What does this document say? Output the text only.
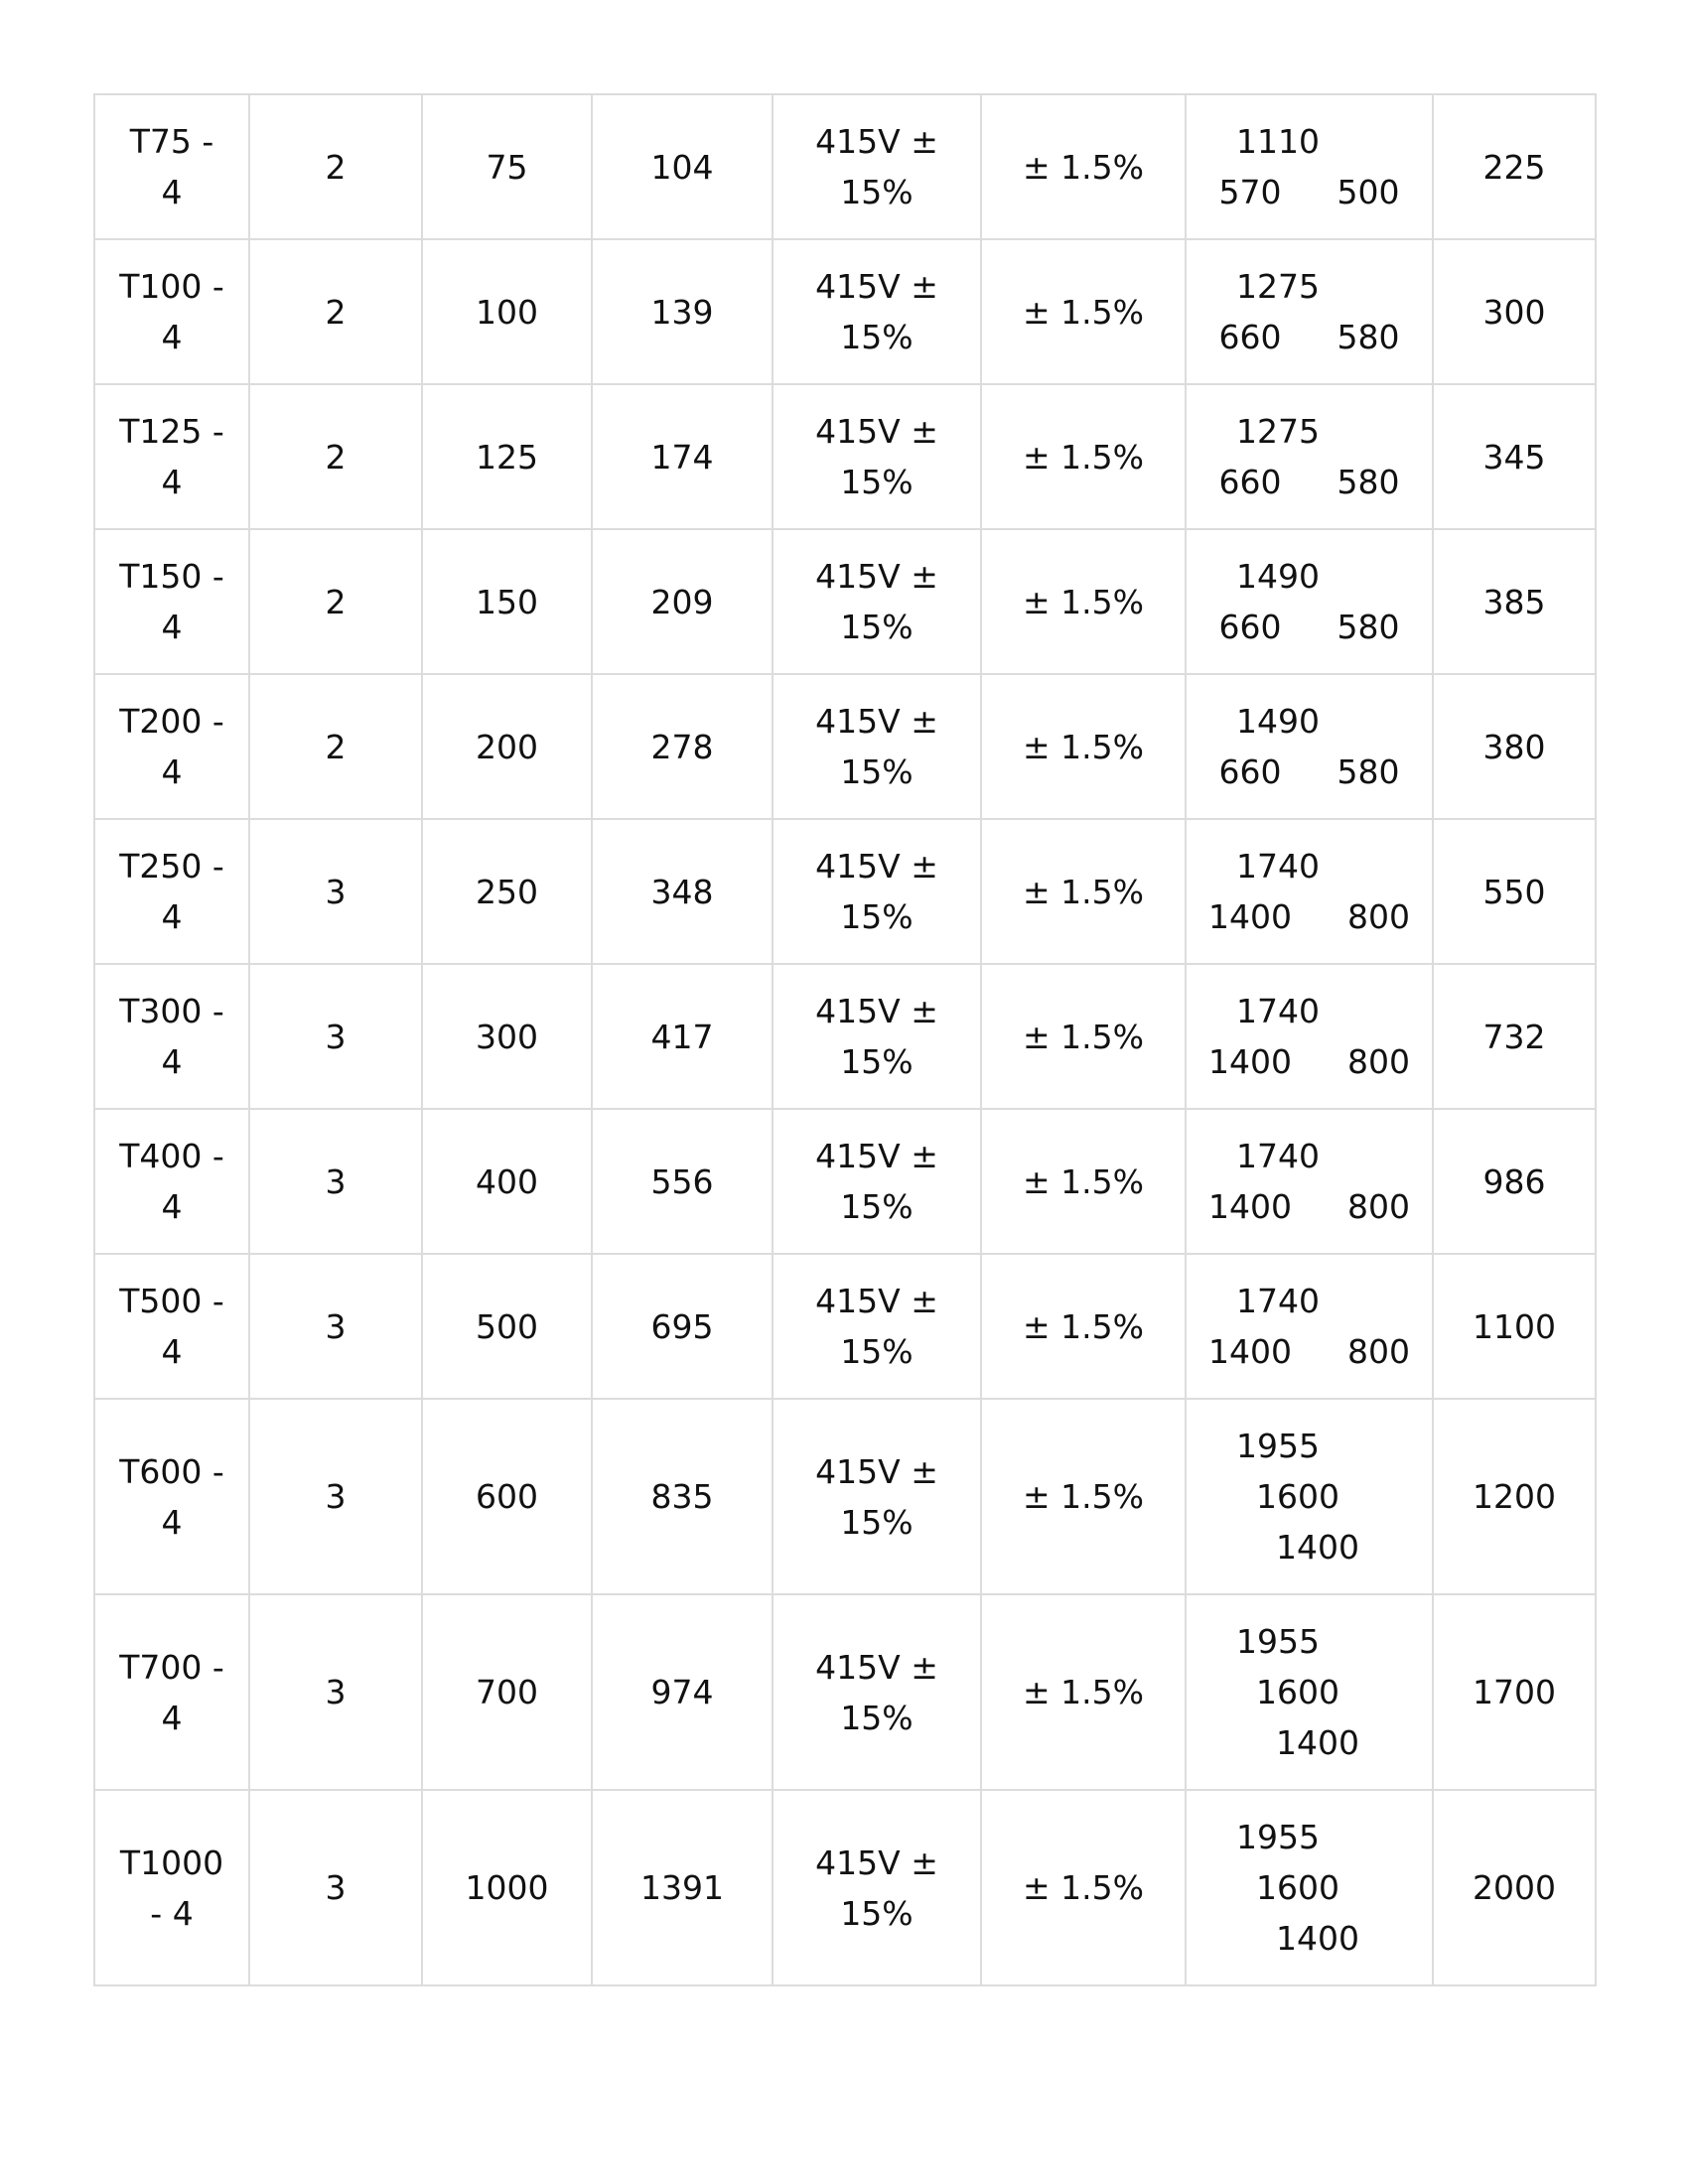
T75 -
4	2	75	104	415V ±
15%	± 1.5%	1110
570 500	225

T100 -
4	2	100	139	415V ±
15%	± 1.5%	1275
660 580	300

T125 -
4	2	125	174	415V ±
15%	± 1.5%	1275
660 580	345

T150 -
4	2	150	209	415V ±
15%	± 1.5%	1490
660 580	385

T200 -
4	2	200	278	415V ±
15%	± 1.5%	1490
660 580	380

T250 -
4	3	250	348	415V ±
15%	± 1.5%	1740
1400 800	550

T300 -
4	3	300	417	415V ±
15%	± 1.5%	1740
1400 800	732

T400 -
4	3	400	556	415V ±
15%	± 1.5%	1740
1400 800	986

T500 -
4	3	500	695	415V ±
15%	± 1.5%	1740
1400 800	1100

T600 -
4	3	600	835	415V ±
15%	± 1.5%	1955
1600
1400	1200

T700 -
4	3	700	974	415V ±
15%	± 1.5%	1955
1600
1400	1700

T1000
- 4	3	1000	1391	415V ±
15%	± 1.5%	1955
1600
1400	2000
